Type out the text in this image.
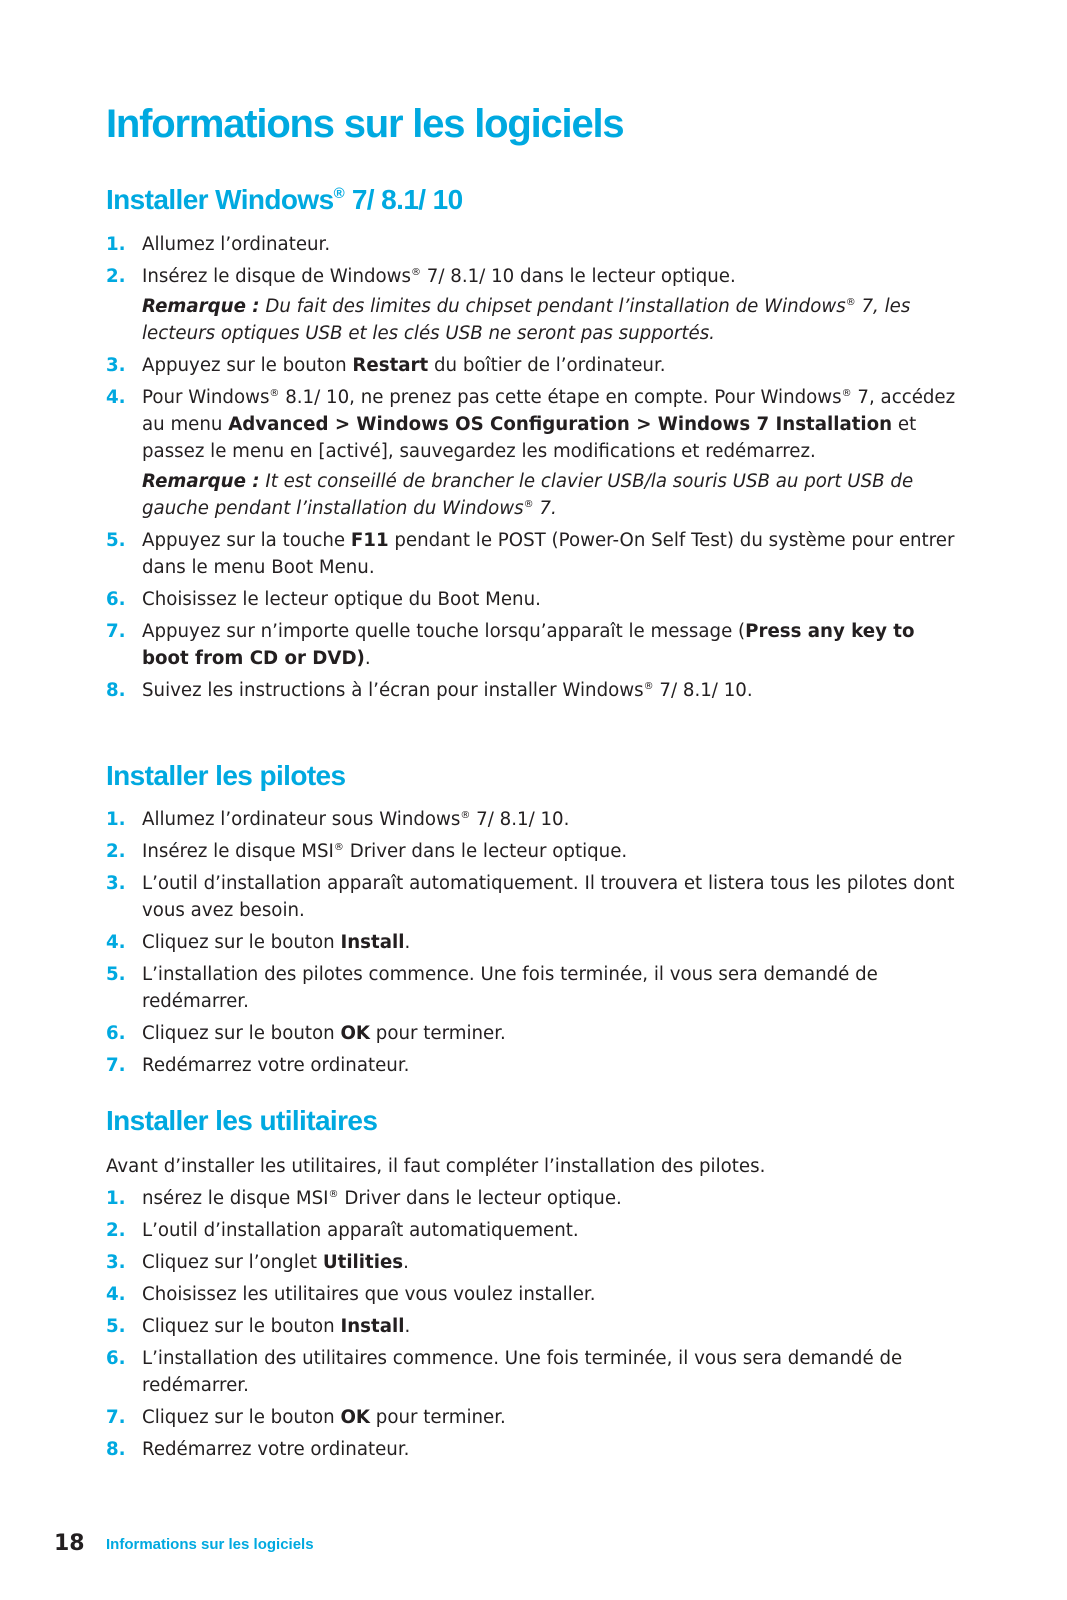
Informations sur les logiciels
Installer Windows® 7/ 8.1/ 10
1. Allumez l’ordinateur.
2. Insérez le disque de Windows® 7/ 8.1/ 10 dans le lecteur optique.
Remarque : Du fait des limites du chipset pendant l’installation de Windows® 7, les lecteurs optiques USB et les clés USB ne seront pas supportés.
3. Appuyez sur le bouton Restart du boîtier de l’ordinateur.
4. Pour Windows® 8.1/ 10, ne prenez pas cette étape en compte. Pour Windows® 7, accédez au menu Advanced > Windows OS Configuration > Windows 7 Installation et passez le menu en [activé], sauvegardez les modifications et redémarrez.
Remarque : It est conseillé de brancher le clavier USB/la souris USB au port USB de gauche pendant l’installation du Windows® 7.
5. Appuyez sur la touche F11 pendant le POST (Power-On Self Test) du système pour entrer dans le menu Boot Menu.
6. Choisissez le lecteur optique du Boot Menu.
7. Appuyez sur n’importe quelle touche lorsqu’apparaît le message (Press any key to boot from CD or DVD).
8. Suivez les instructions à l’écran pour installer Windows® 7/ 8.1/ 10.
Installer les pilotes
1. Allumez l’ordinateur sous Windows® 7/ 8.1/ 10.
2. Insérez le disque MSI® Driver dans le lecteur optique.
3. L’outil d’installation apparaît automatiquement. Il trouvera et listera tous les pilotes dont vous avez besoin.
4. Cliquez sur le bouton Install.
5. L’installation des pilotes commence. Une fois terminée, il vous sera demandé de redémarrer.
6. Cliquez sur le bouton OK pour terminer.
7. Redémarrez votre ordinateur.
Installer les utilitaires

Avant d’installer les utilitaires, il faut compléter l’installation des pilotes.

1. nsérez le disque MSI® Driver dans le lecteur optique.
2. L’outil d’installation apparaît automatiquement.
3. Cliquez sur l’onglet Utilities.
4. Choisissez les utilitaires que vous voulez installer.
5. Cliquez sur le bouton Install.
6. L’installation des utilitaires commence. Une fois terminée, il vous sera demandé de redémarrer.
7. Cliquez sur le bouton OK pour terminer.
8. Redémarrez votre ordinateur.
18 Informations sur les logiciels
